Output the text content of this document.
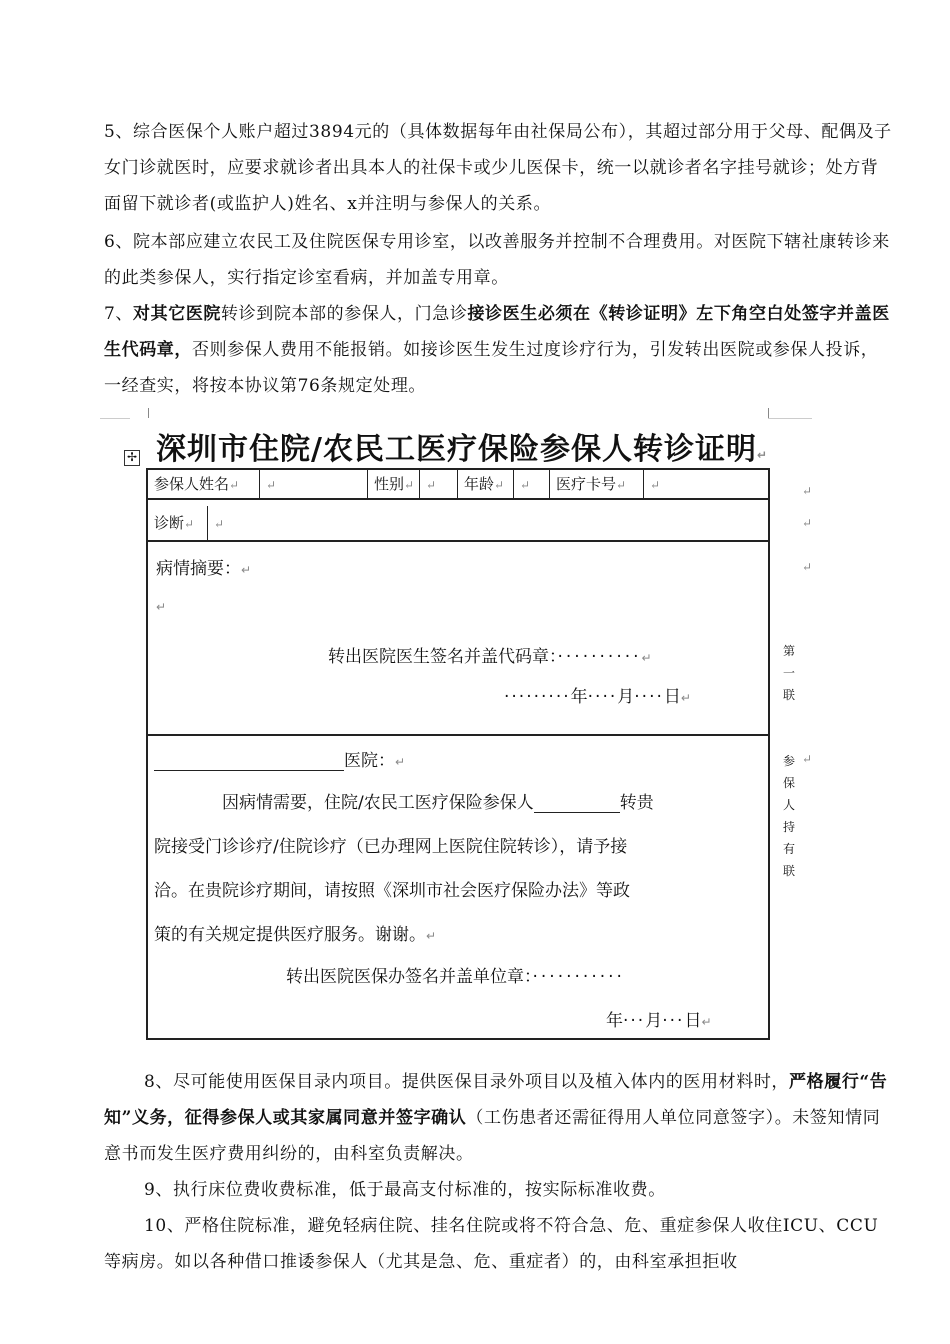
5、综合医保个人账户超过3894元的（具体数据每年由社保局公布），其超过部分用于父母、配偶及子女门诊就医时，应要求就诊者出具本人的社保卡或少儿医保卡，统一以就诊者名字挂号就诊；处方背面留下就诊者(或监护人)姓名、x并注明与参保人的关系。
6、院本部应建立农民工及住院医保专用诊室，以改善服务并控制不合理费用。对医院下辖社康转诊来的此类参保人，实行指定诊室看病，并加盖专用章。
7、对其它医院转诊到院本部的参保人，门急诊接诊医生必须在《转诊证明》左下角空白处签字并盖医生代码章，否则参保人费用不能报销。如接诊医生发生过度诊疗行为，引发转出医院或参保人投诉，一经查实，将按本协议第76条规定处理。
深圳市住院/农民工医疗保险参保人转诊证明↵
✢
参保人姓名↵	↵	性别↵ ↵	年龄↵	↵	医疗卡号↵	↵
诊断↵	↵
病情摘要：↵
↵
转出医院医生签名并盖代码章：··········↵
·········年····月····日↵
医院：↵
因病情需要，住院/农民工医疗保险参保人	转贵
院接受门诊诊疗/住院诊疗（已办理网上医院住院转诊），请予接
洽。在贵院诊疗期间，请按照《深圳市社会医疗保险办法》等政
策的有关规定提供医疗服务。谢谢。↵
转出医院医保办签名并盖单位章：···········
年···月···日↵
第
一
联
参
保
人
持
有
联
↵
↵
↵
↵
8、尽可能使用医保目录内项目。提供医保目录外项目以及植入体内的医用材料时，严格履行“告知”义务，征得参保人或其家属同意并签字确认（工伤患者还需征得用人单位同意签字）。未签知情同意书而发生医疗费用纠纷的，由科室负责解决。
9、执行床位费收费标准，低于最高支付标准的，按实际标准收费。
10、严格住院标准，避免轻病住院、挂名住院或将不符合急、危、重症参保人收住ICU、CCU等病房。如以各种借口推诿参保人（尤其是急、危、重症者）的，由科室承担拒收
